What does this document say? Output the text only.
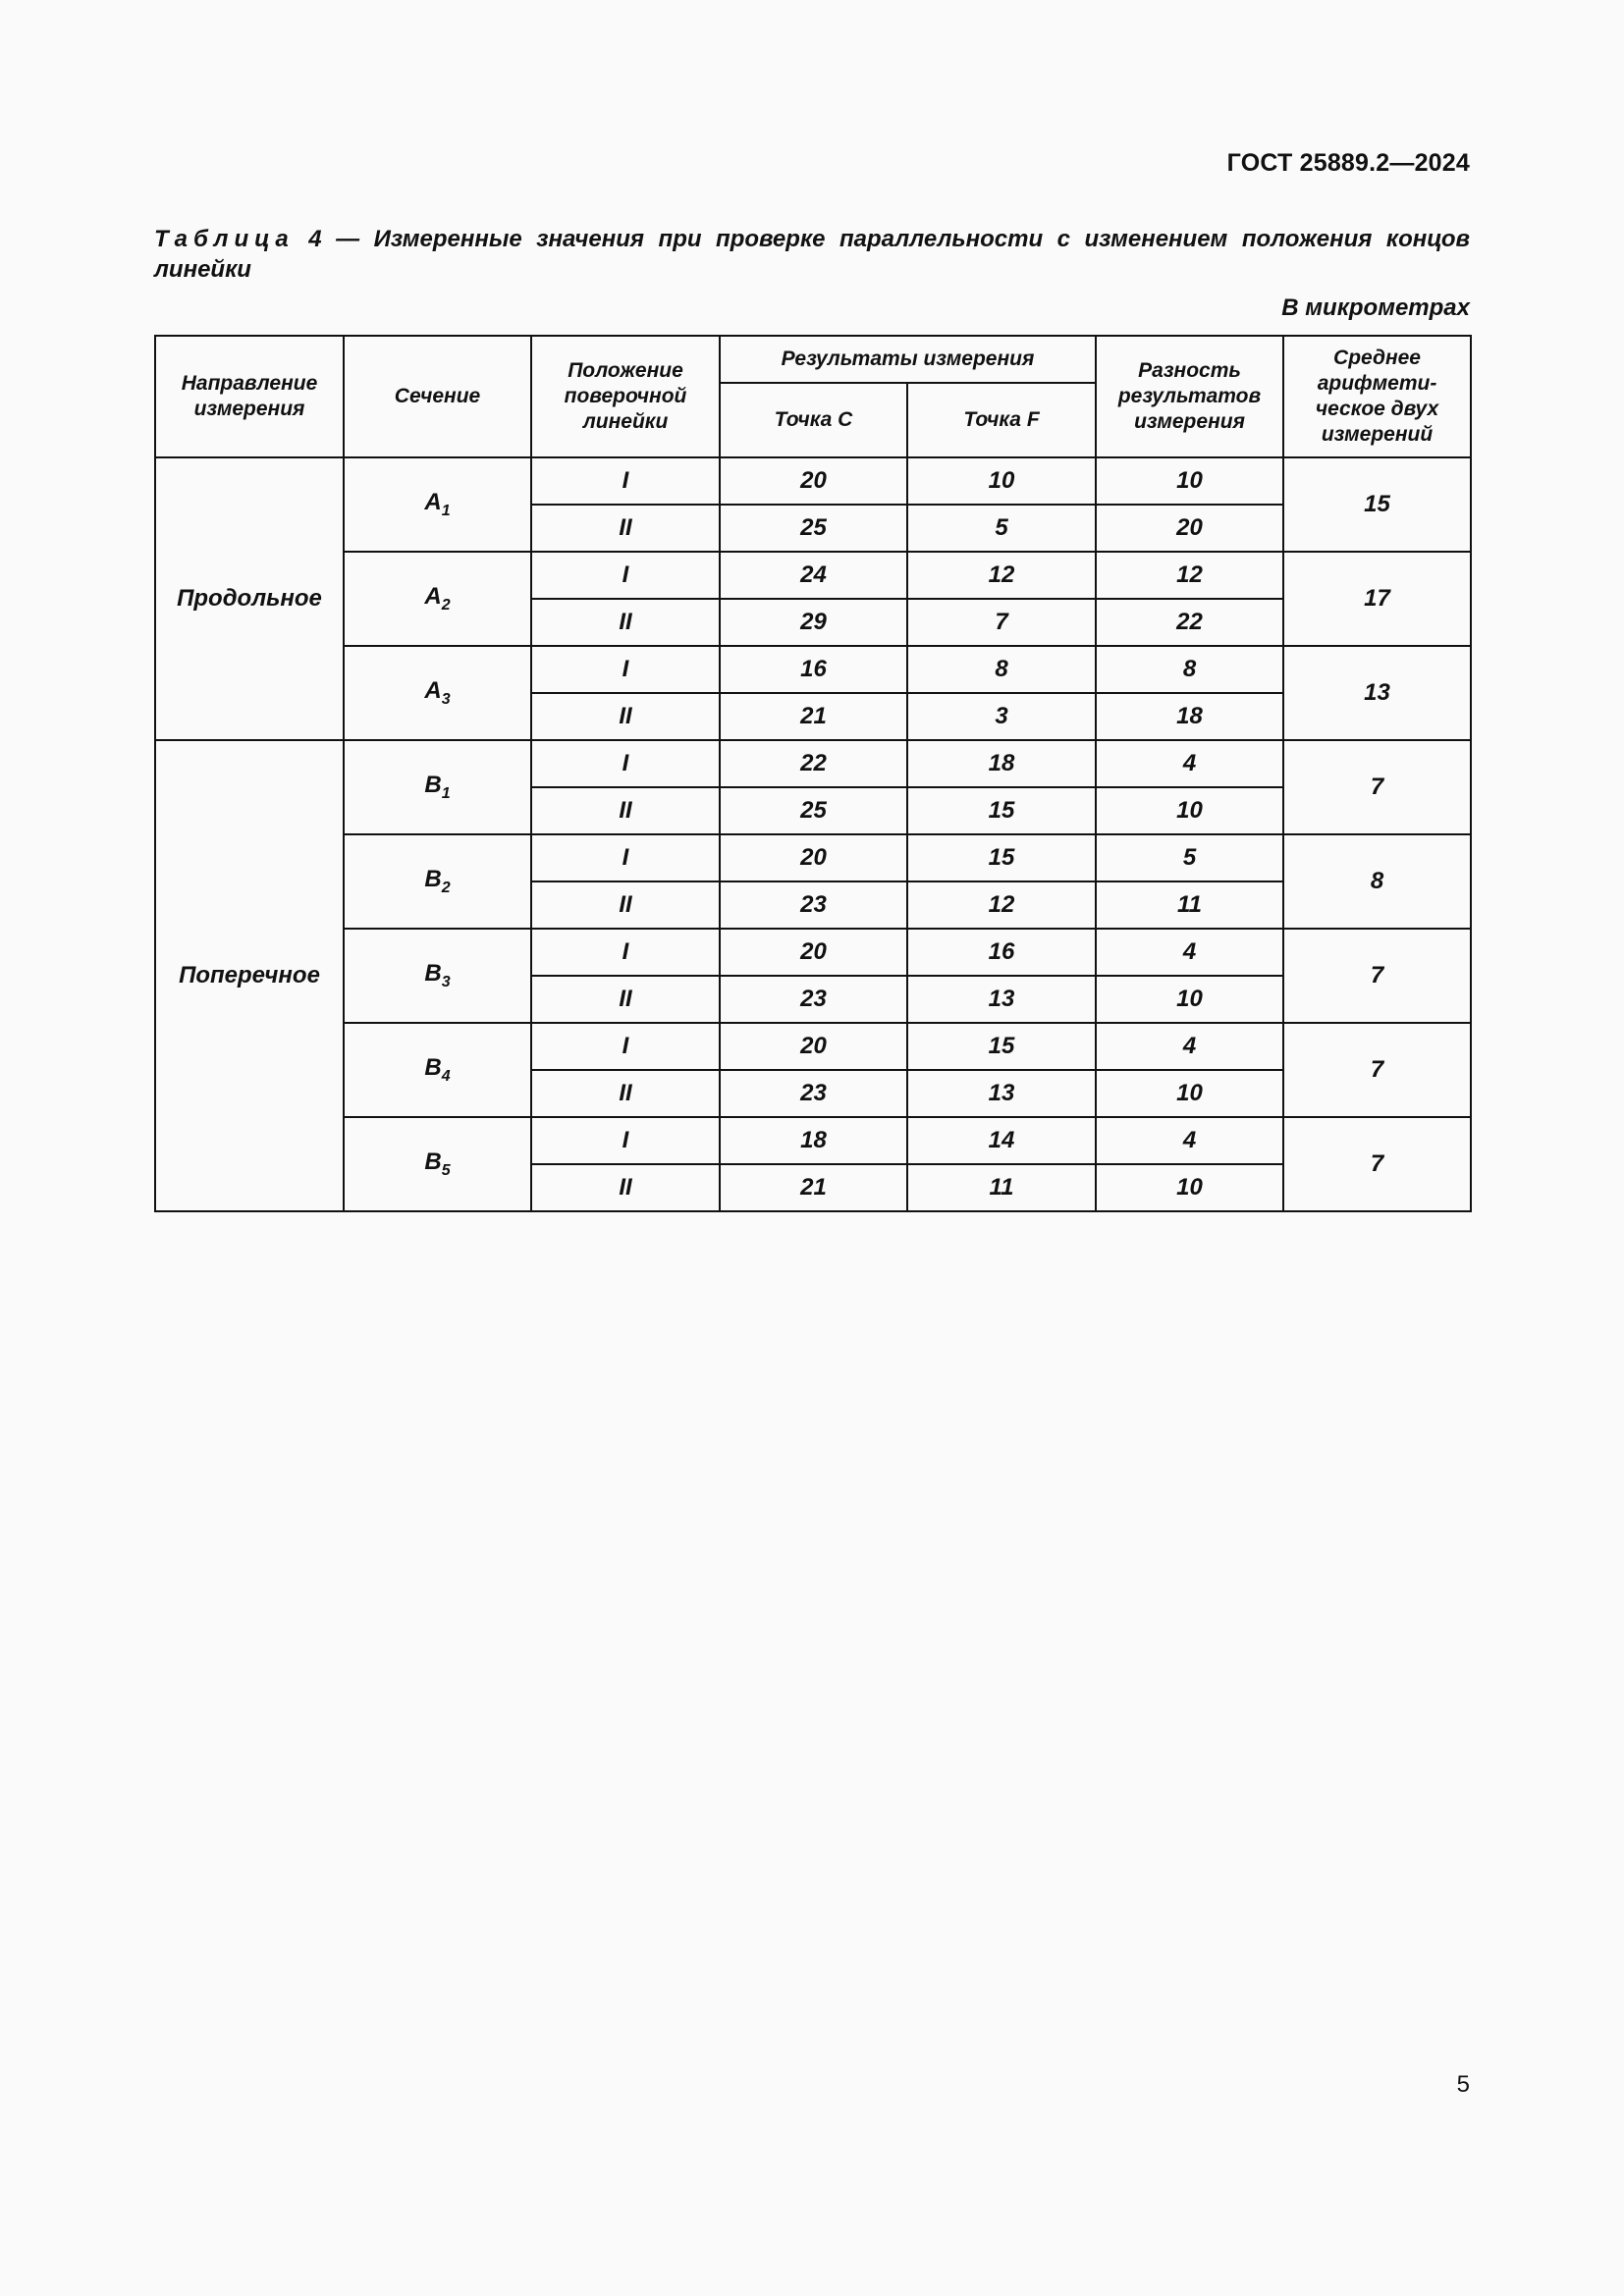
ГОСТ 25889.2—2024
Таблица 4 — Измеренные значения при проверке параллельности с изменением положения концов линейки
В микрометрах
Направление измерения	Сечение	Положение поверочной линейки	Результаты измерения		Разность результатов измерения	Среднее арифмети-ческое двух измерений
			Точка C	Точка F		
Продольное	$A_1$	I	20	10	10	15
		II	25	5	20	
	$A_2$	I	24	12	12	17
		II	29	7	22	
	$A_3$	I	16	8	8	13
		II	21	3	18	
Поперечное	$B_1$	I	22	18	4	7
		II	25	15	10	
	$B_2$	I	20	15	5	8
		II	23	12	11	
	$B_3$	I	20	16	4	7
		II	23	13	10	
	$B_4$	I	20	15	4	7
		II	23	13	10	
	$B_5$	I	18	14	4	7
		II	21	11	10	
5
